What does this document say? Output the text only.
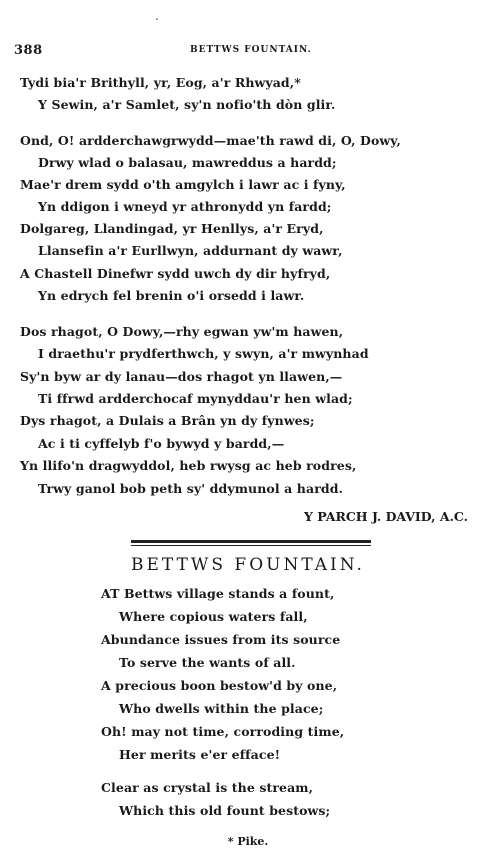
388	BETTWS FOUNTAIN.
Tydi bia'r Brithyll, yr, Eog, a'r Rhwyad,*
Y Sewin, a'r Samlet, sy'n nofio'th dòn glir.
Ond, O! ardderchawgrwydd—mae'th rawd di, O, Dowy,
Drwy wlad o balasau, mawreddus a hardd;
Mae'r drem sydd o'th amgylch i lawr ac i fyny,
Yn ddigon i wneyd yr athronydd yn fardd;
Dolgareg, Llandingad, yr Henllys, a'r Eryd,
Llansefin a'r Eurllwyn, addurnant dy wawr,
A Chastell Dinefwr sydd uwch dy dir hyfryd,
Yn edrych fel brenin o'i orsedd i lawr.
Dos rhagot, O Dowy,—rhy egwan yw'm hawen,
I draethu'r prydferthwch, y swyn, a'r mwynhad
Sy'n byw ar dy lanau—dos rhagot yn llawen,—
Ti ffrwd ardderchocaf mynyddau'r hen wlad;
Dys rhagot, a Dulais a Brân yn dy fynwes;
Ac i ti cyffelyb f'o bywyd y bardd,—
Yn llifo'n dragwyddol, heb rwysg ac heb rodres,
Trwy ganol bob peth sy' ddymunol a hardd.
Y PARCH J. DAVID, A.C.
BETTWS FOUNTAIN.
AT Bettws village stands a fount,
Where copious waters fall,
Abundance issues from its source
To serve the wants of all.
A precious boon bestow'd by one,
Who dwells within the place;
Oh! may not time, corroding time,
Her merits e'er efface!
Clear as crystal is the stream,
Which this old fount bestows;
* Pike.
